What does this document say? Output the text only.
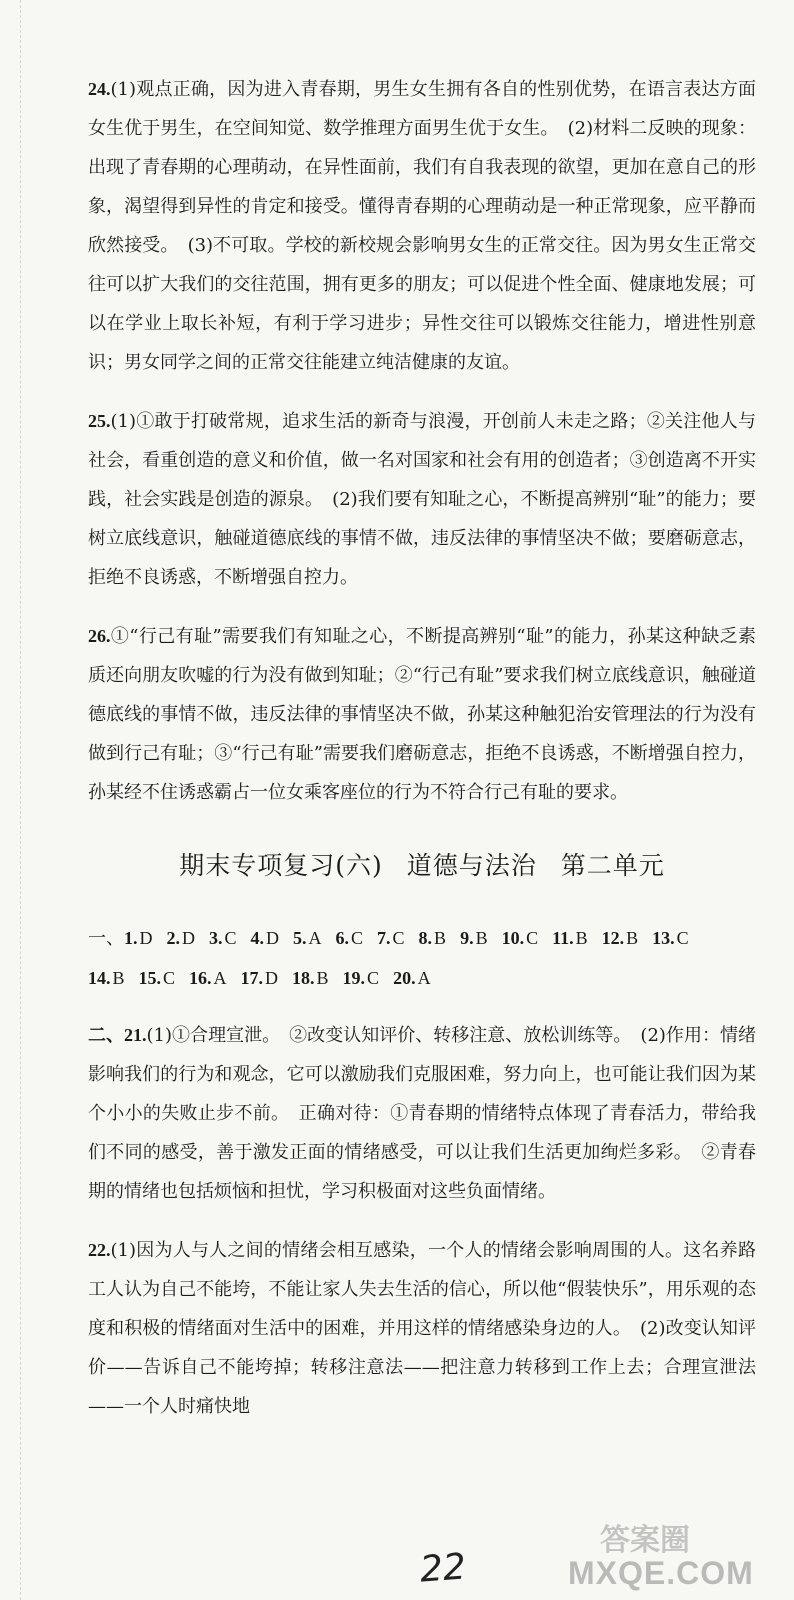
24.(1)观点正确，因为进入青春期，男生女生拥有各自的性别优势，在语言表达方面女生优于男生，在空间知觉、数学推理方面男生优于女生。　(2)材料二反映的现象：出现了青春期的心理萌动，在异性面前，我们有自我表现的欲望，更加在意自己的形象，渴望得到异性的肯定和接受。懂得青春期的心理萌动是一种正常现象，应平静而欣然接受。　(3)不可取。学校的新校规会影响男女生的正常交往。因为男女生正常交往可以扩大我们的交往范围，拥有更多的朋友；可以促进个性全面、健康地发展；可以在学业上取长补短，有利于学习进步；异性交往可以锻炼交往能力，增进性别意识；男女同学之间的正常交往能建立纯洁健康的友谊。

25.(1)①敢于打破常规，追求生活的新奇与浪漫，开创前人未走之路；②关注他人与社会，看重创造的意义和价值，做一名对国家和社会有用的创造者；③创造离不开实践，社会实践是创造的源泉。　(2)我们要有知耻之心，不断提高辨别“耻”的能力；要树立底线意识，触碰道德底线的事情不做，违反法律的事情坚决不做；要磨砺意志，拒绝不良诱惑，不断增强自控力。

26.①“行己有耻”需要我们有知耻之心，不断提高辨别“耻”的能力，孙某这种缺乏素质还向朋友吹嘘的行为没有做到知耻；②“行己有耻”要求我们树立底线意识，触碰道德底线的事情不做，违反法律的事情坚决不做，孙某这种触犯治安管理法的行为没有做到行己有耻；③“行己有耻”需要我们磨砺意志，拒绝不良诱惑，不断增强自控力，孙某经不住诱惑霸占一位女乘客座位的行为不符合行己有耻的要求。

期末专项复习(六) 道德与法治 第二单元
一、1. D 2. D 3. C 4. D 5. A 6. C 7. C 8. B 9. B 10. C 11. B 12. B 13. C
14. B 15. C 16. A 17. D 18. B 19. C 20. A

二、21.(1)①合理宣泄。　②改变认知评价、转移注意、放松训练等。　(2)作用：情绪影响我们的行为和观念，它可以激励我们克服困难，努力向上，也可能让我们因为某个小小的失败止步不前。　正确对待：①青春期的情绪特点体现了青春活力，带给我们不同的感受，善于激发正面的情绪感受，可以让我们生活更加绚烂多彩。　②青春期的情绪也包括烦恼和担忧，学习积极面对这些负面情绪。

22.(1)因为人与人之间的情绪会相互感染，一个人的情绪会影响周围的人。这名养路工人认为自己不能垮，不能让家人失去生活的信心，所以他“假装快乐”，用乐观的态度和积极的情绪面对生活中的困难，并用这样的情绪感染身边的人。　(2)改变认知评价——告诉自己不能垮掉；转移注意法——把注意力转移到工作上去；合理宣泄法——一个人时痛快地

22
答案圈
MXQE.COM
